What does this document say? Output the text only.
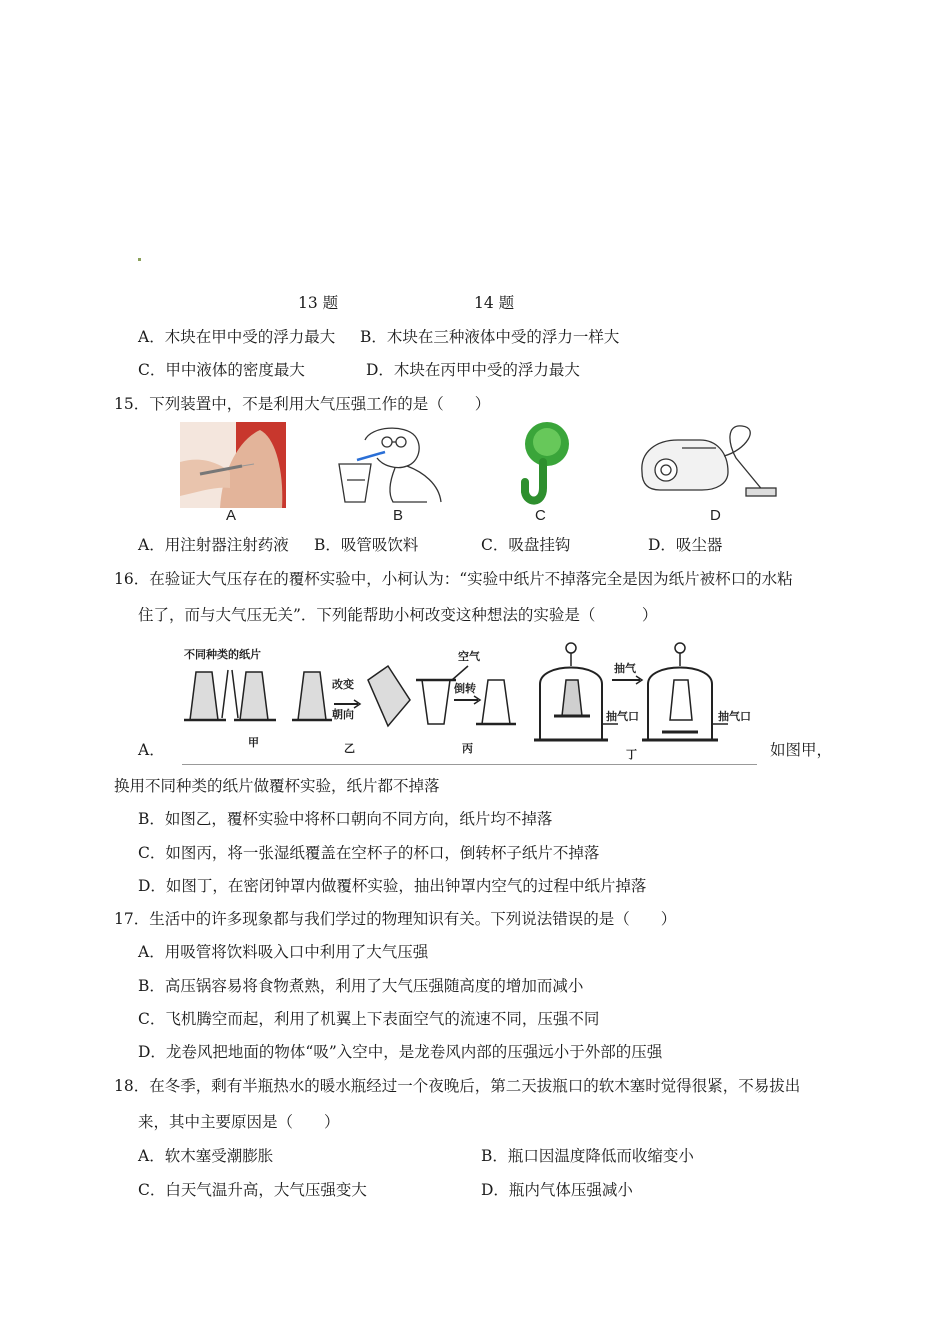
13 题	14 题
A．木块在甲中受的浮力最大 B．木块在三种液体中受的浮力一样大
C．甲中液体的密度最大	D．木块在丙甲中受的浮力最大
15．下列装置中，不是利用大气压强工作的是（　　）
A	B	C	D
A．用注射器注射药液 B．吸管吸饮料	C．吸盘挂钩	D．吸尘器
16．在验证大气压存在的覆杯实验中，小柯认为：“实验中纸片不掉落完全是因为纸片被杯口的水粘
住了，而与大气压无关”．下列能帮助小柯改变这种想法的实验是（　　　）
不同种类的纸片
改变
朝向
空气
倒转
抽气
抽气口	抽气口
甲	乙	丙	丁
A．	如图甲，
换用不同种类的纸片做覆杯实验，纸片都不掉落
B．如图乙，覆杯实验中将杯口朝向不同方向，纸片均不掉落
C．如图丙，将一张湿纸覆盖在空杯子的杯口，倒转杯子纸片不掉落
D．如图丁，在密闭钟罩内做覆杯实验，抽出钟罩内空气的过程中纸片掉落
17．生活中的许多现象都与我们学过的物理知识有关。下列说法错误的是（　　）
A．用吸管将饮料吸入口中利用了大气压强
B．高压锅容易将食物煮熟，利用了大气压强随高度的增加而减小
C．飞机腾空而起，利用了机翼上下表面空气的流速不同，压强不同
D．龙卷风把地面的物体“吸”入空中，是龙卷风内部的压强远小于外部的压强
18．在冬季，剩有半瓶热水的暖水瓶经过一个夜晚后，第二天拔瓶口的软木塞时觉得很紧，不易拔出
来，其中主要原因是（　　）
A．软木塞受潮膨胀	B．瓶口因温度降低而收缩变小
C．白天气温升高，大气压强变大	D．瓶内气体压强减小
